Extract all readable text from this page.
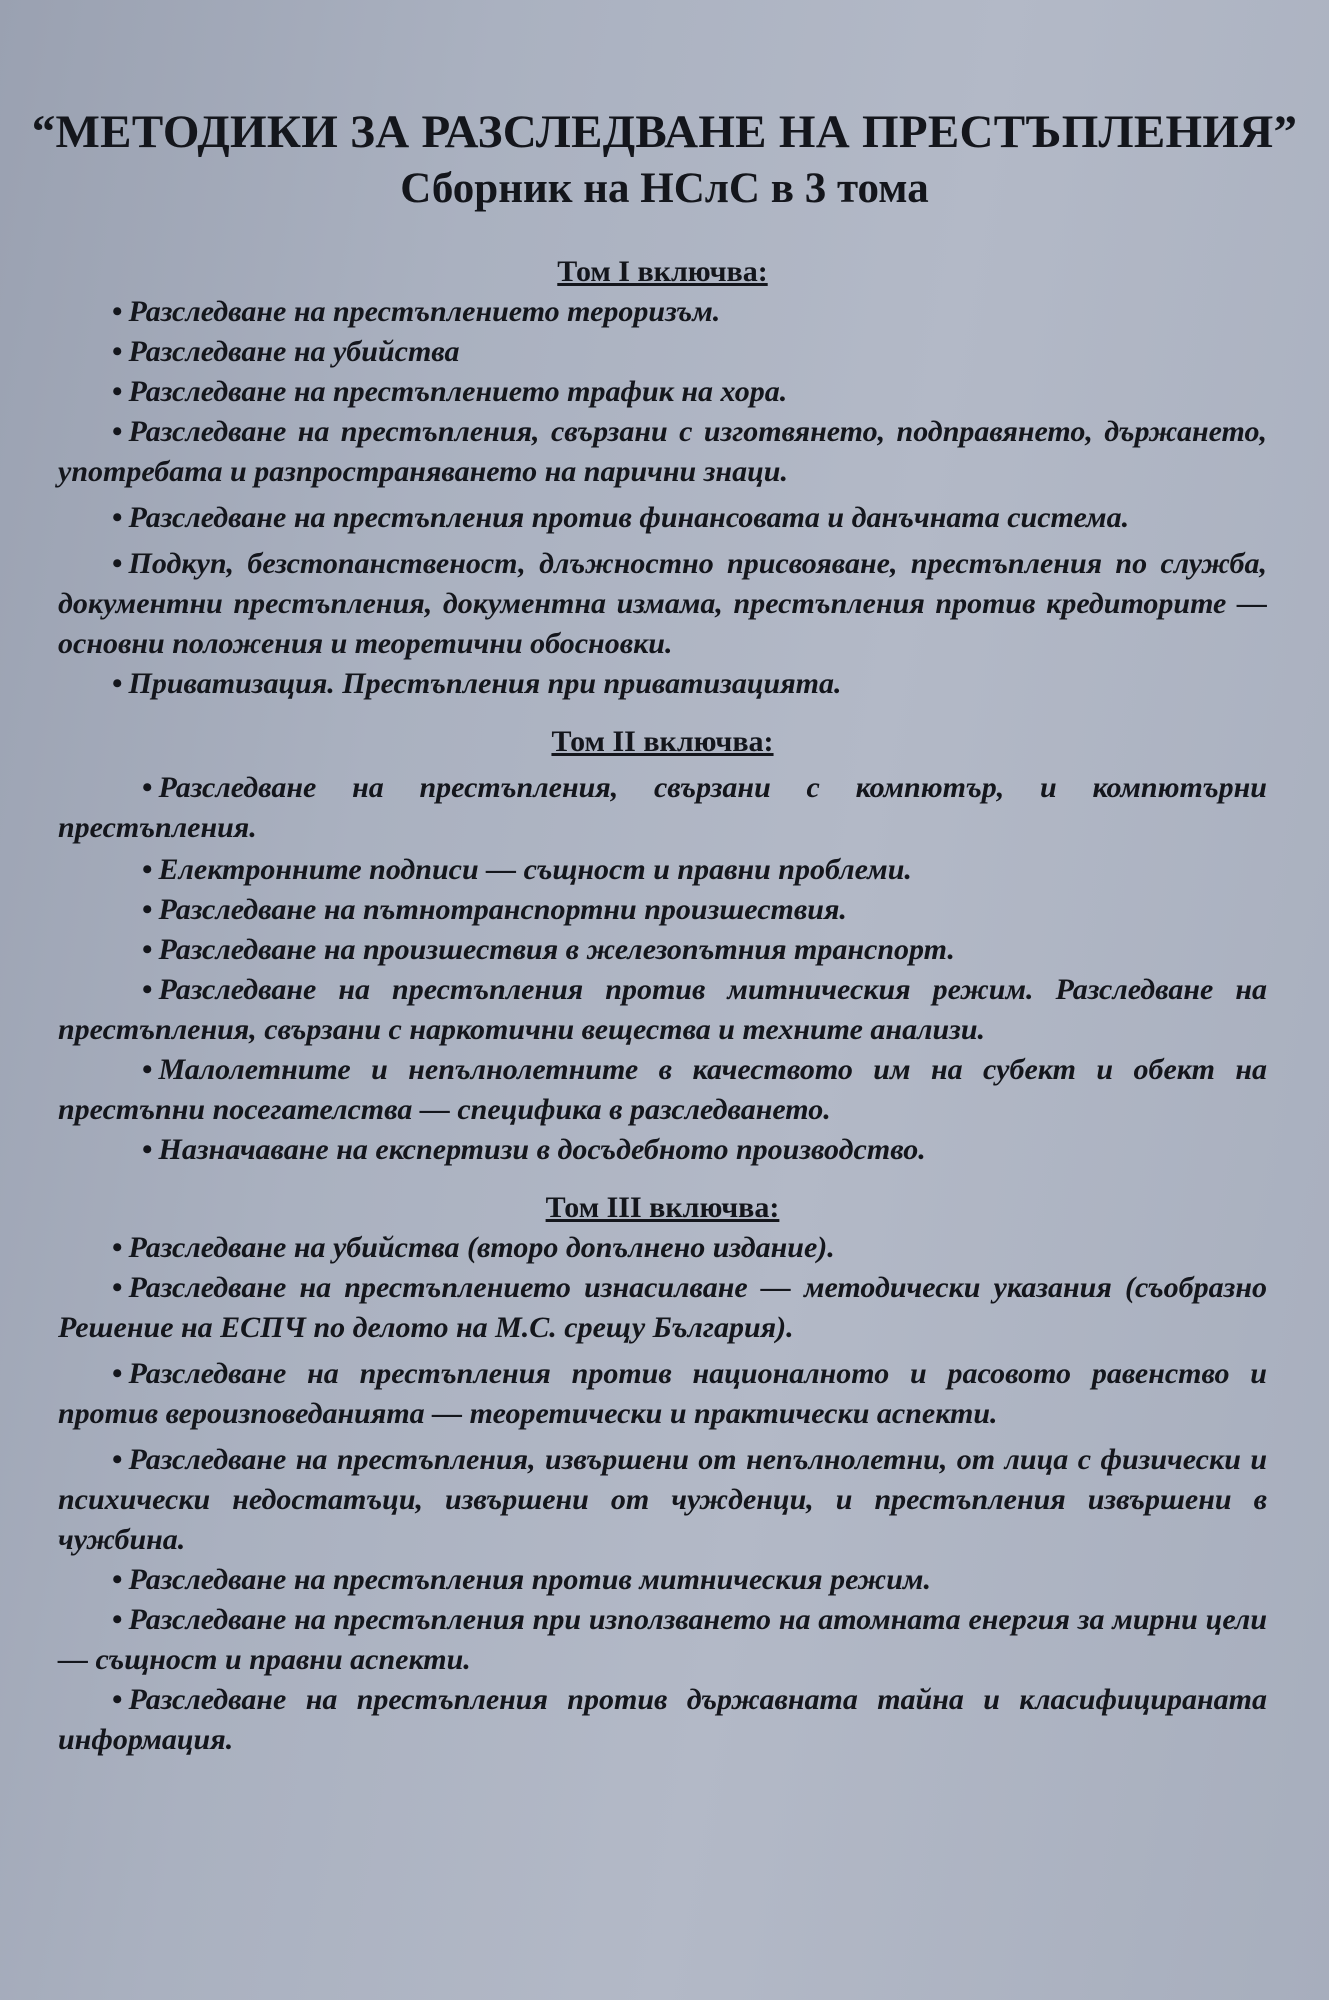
“МЕТОДИКИ ЗА РАЗСЛЕДВАНЕ НА ПРЕСТЪПЛЕНИЯ”
Сборник на НСлС в 3 тома
Том I включва:

• Разследване на престъплението тероризъм.

• Разследване на убийства

• Разследване на престъплението трафик на хора.

• Разследване на престъпления, свързани с изготвянето, подправянето, държането, употребата и разпространяването на парични знаци.

• Разследване на престъпления против финансовата и данъчната система.

• Подкуп, безстопанственост, длъжностно присвояване, престъпления по служба, документни престъпления, документна измама, престъпления против кредиторите — основни положения и теоретични обосновки.

• Приватизация. Престъпления при приватизацията.

Том II включва:

• Разследване на престъпления, свързани с компютър, и компютърни престъпления.

• Електронните подписи — същност и правни проблеми.

• Разследване на пътнотранспортни произшествия.

• Разследване на произшествия в железопътния транспорт.

• Разследване на престъпления против митническия режим. Разследване на престъпления, свързани с наркотични вещества и техните анализи.

• Малолетните и непълнолетните в качеството им на субект и обект на престъпни посегателства — специфика в разследването.

• Назначаване на експертизи в досъдебното производство.

Том III включва:

• Разследване на убийства (второ допълнено издание).

• Разследване на престъплението изнасилване — методически указания (съобразно Решение на ЕСПЧ по делото на М.С. срещу България).

• Разследване на престъпления против националното и расовото равенство и против вероизповеданията — теоретически и практически аспекти.

• Разследване на престъпления, извършени от непълнолетни, от лица с физически и психически недостатъци, извършени от чужденци, и престъпления извършени в чужбина.

• Разследване на престъпления против митническия режим.

• Разследване на престъпления при използването на атомната енергия за мирни цели — същност и правни аспекти.

• Разследване на престъпления против държавната тайна и класифицираната информация.
